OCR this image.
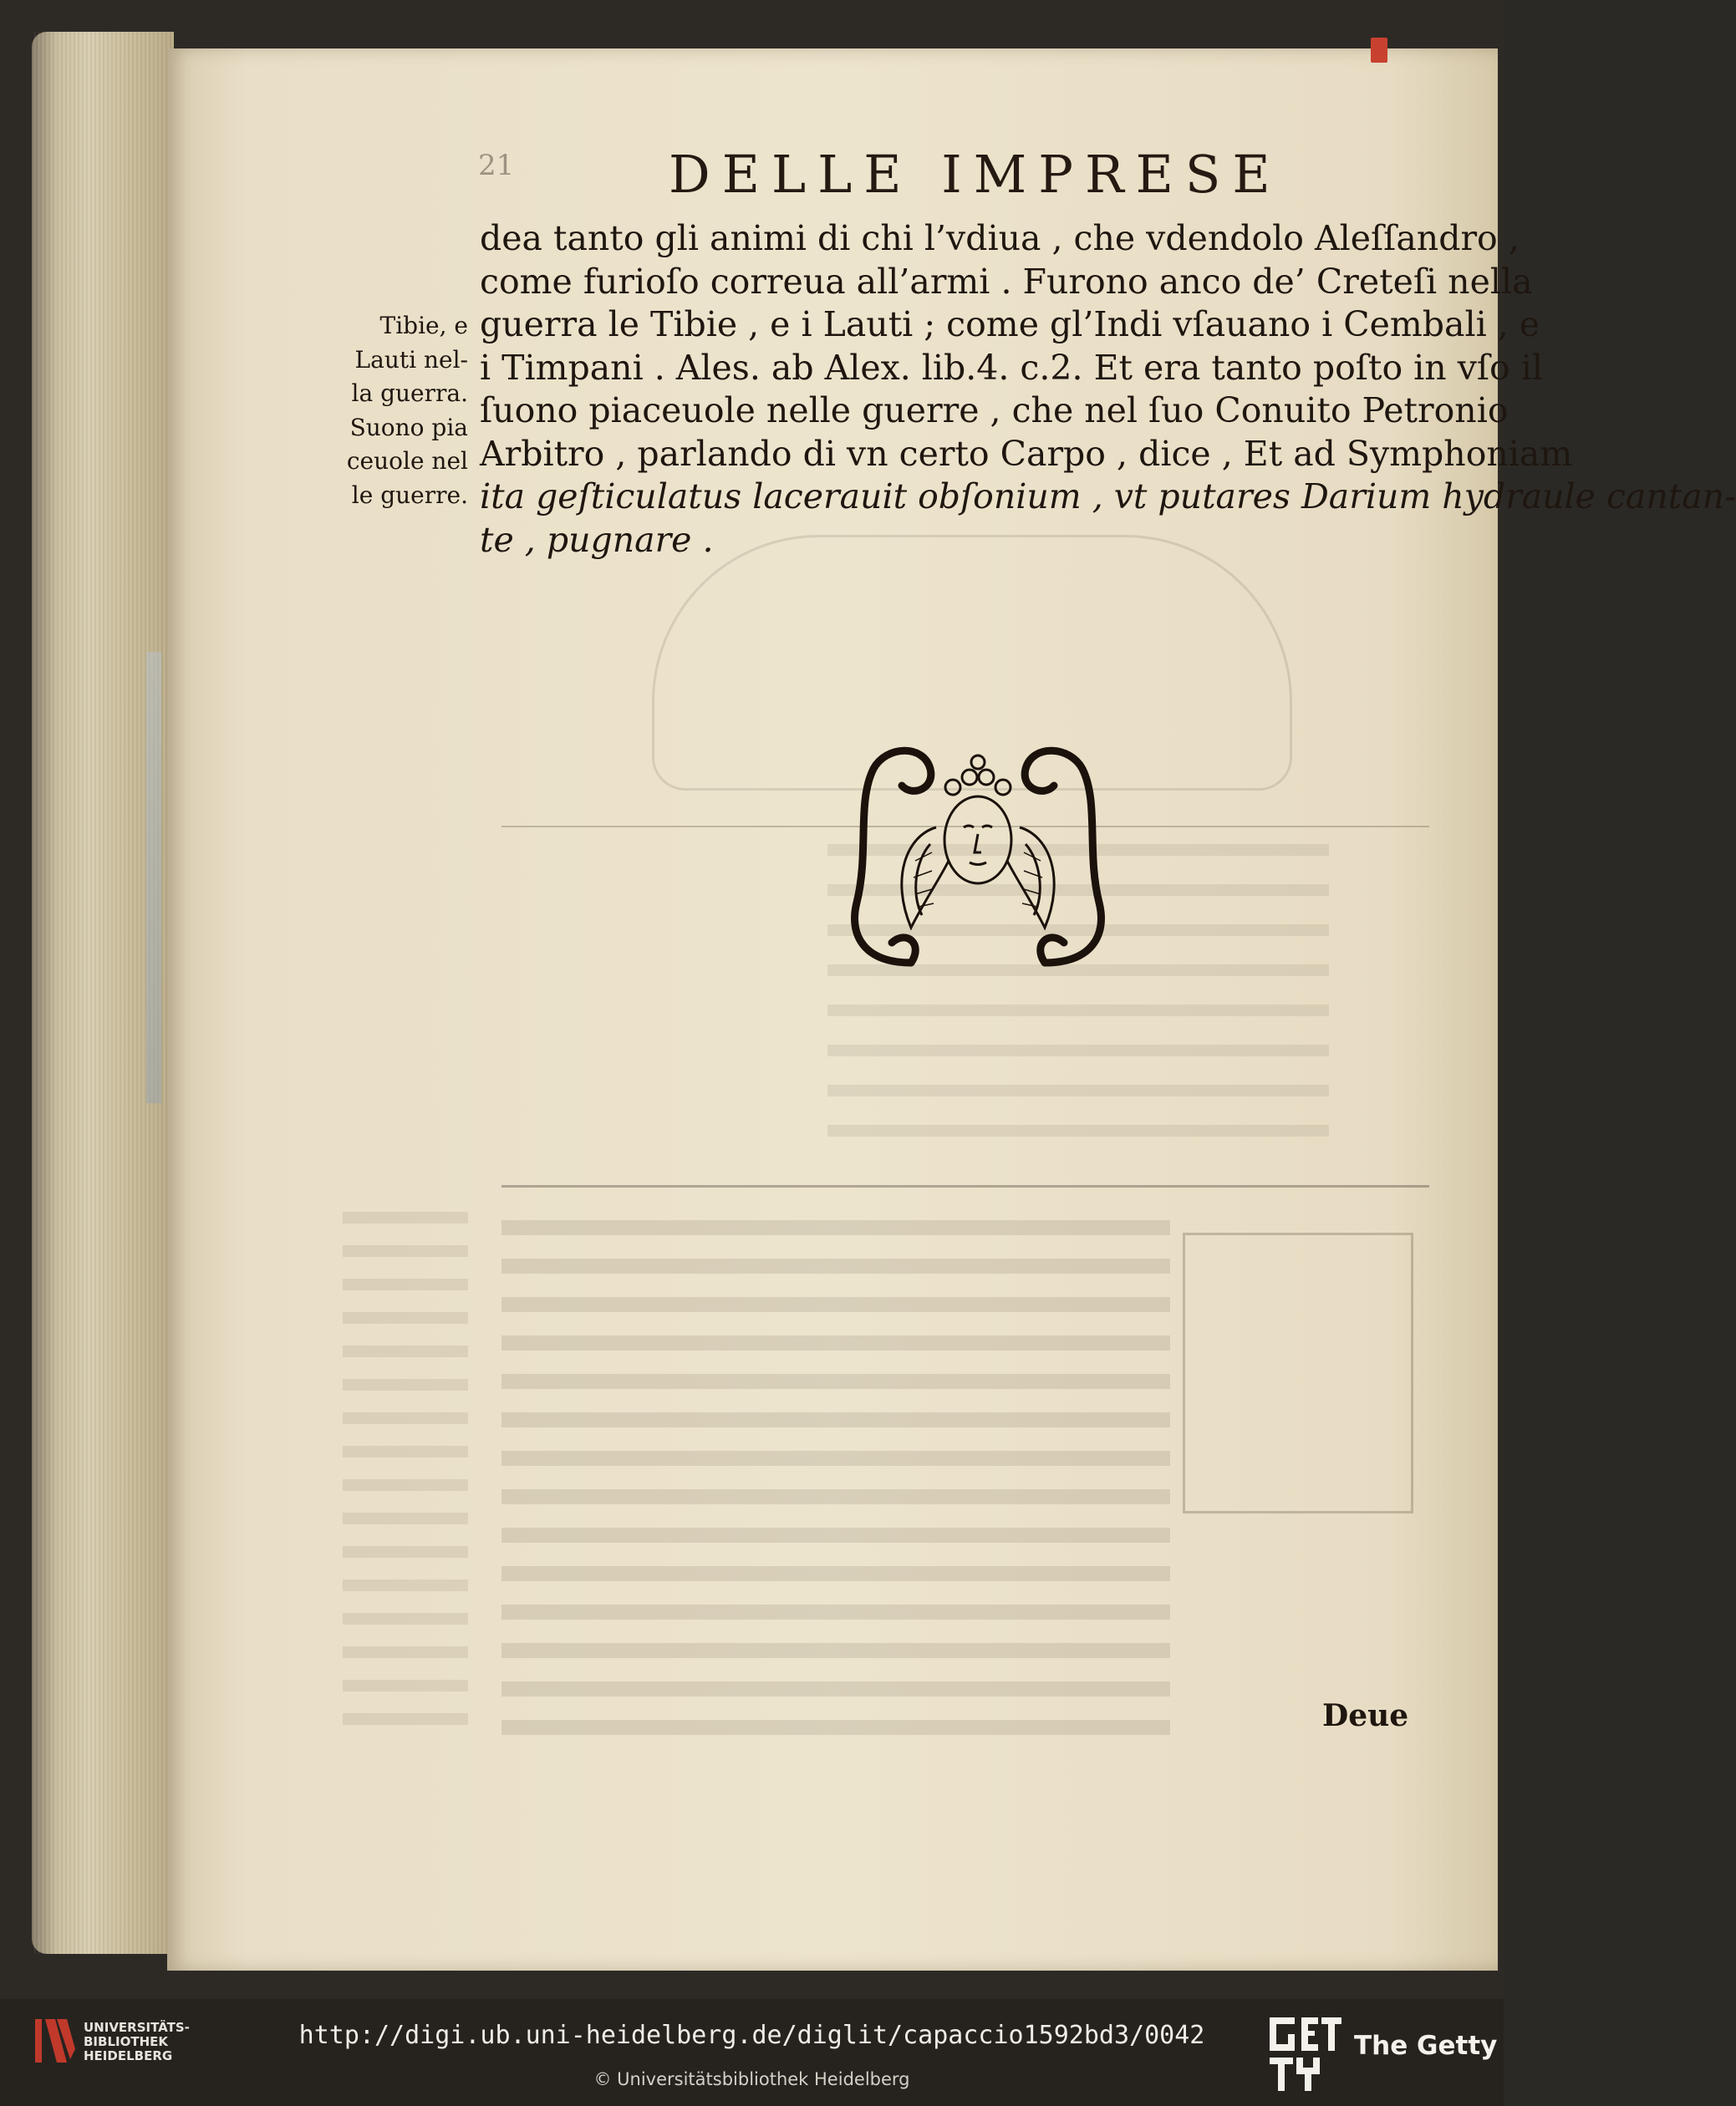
21	DELLE IMPRESE
Tibie, e
Lauti nel-
la guerra.
Suono pia
ceuole nel
le guerre.
dea tanto gli animi di chi l’vdiua , che vdendolo Aleſſandro ,
come furioſo correua all’armi . Furono anco de’ Creteſi nella
guerra le Tibie , e i Lauti ; come gl’Indi vſauano i Cembali , e
i Timpani . Ales. ab Alex. lib.4. c.2. Et era tanto poſto in vſo il
ſuono piaceuole nelle guerre , che nel ſuo Conuito Petronio
Arbitro , parlando di vn certo Carpo , dice , Et ad Symphoniam
ita geſticulatus lacerauit obſonium , vt putares Darium hydraule cantan-
te , pugnare .
Deue
UNIVERSITÄTS-
BIBLIOTHEK
HEIDELBERG
http://digi.ub.uni-heidelberg.de/diglit/capaccio1592bd3/0042
© Universitätsbibliothek Heidelberg
The Getty
